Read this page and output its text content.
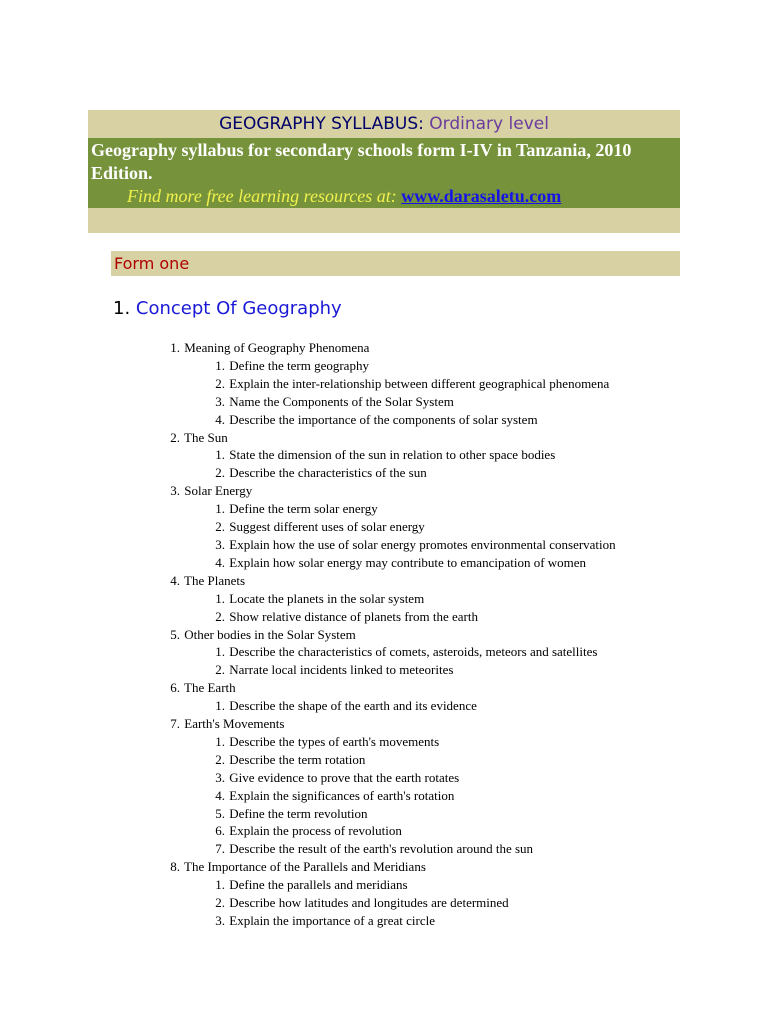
GEOGRAPHY SYLLABUS: Ordinary level
Geography syllabus for secondary schools form I-IV in Tanzania, 2010 Edition.
Find more free learning resources at: www.darasaletu.com
Form one
1. Concept Of Geography
1. Meaning of Geography Phenomena
1. Define the term geography
2. Explain the inter-relationship between different geographical phenomena
3. Name the Components of the Solar System
4. Describe the importance of the components of solar system
2. The Sun
1. State the dimension of the sun in relation to other space bodies
2. Describe the characteristics of the sun
3. Solar Energy
1. Define the term solar energy
2. Suggest different uses of solar energy
3. Explain how the use of solar energy promotes environmental conservation
4. Explain how solar energy may contribute to emancipation of women
4. The Planets
1. Locate the planets in the solar system
2. Show relative distance of planets from the earth
5. Other bodies in the Solar System
1. Describe the characteristics of comets, asteroids, meteors and satellites
2. Narrate local incidents linked to meteorites
6. The Earth
1. Describe the shape of the earth and its evidence
7. Earth's Movements
1. Describe the types of earth's movements
2. Describe the term rotation
3. Give evidence to prove that the earth rotates
4. Explain the significances of earth's rotation
5. Define the term revolution
6. Explain the process of revolution
7. Describe the result of the earth's revolution around the sun
8. The Importance of the Parallels and Meridians
1. Define the parallels and meridians
2. Describe how latitudes and longitudes are determined
3. Explain the importance of a great circle
